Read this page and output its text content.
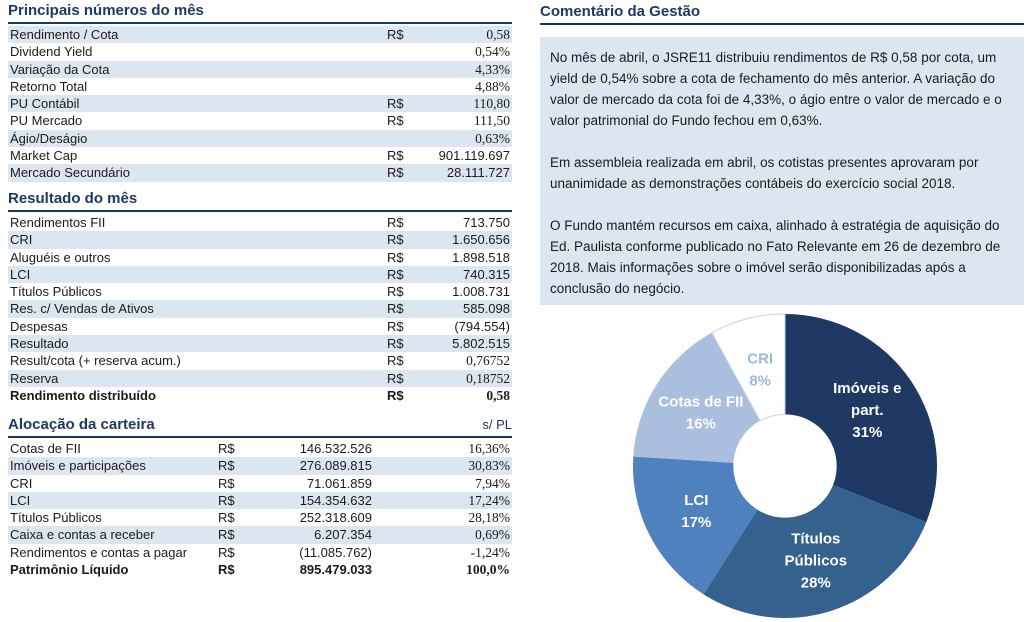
Principais números do mês
Rendimento / Cota	R$	0,58
Dividend Yield	0,54%
Variação da Cota	4,33%
Retorno Total	4,88%
PU Contábil	R$	110,80
PU Mercado	R$	111,50
Ágio/Deságio	0,63%
Market Cap	R$	901.119.697
Mercado Secundário	R$	28.111.727
Resultado do mês
Rendimentos FII	R$	713.750
CRI	R$	1.650.656
Aluguéis e outros	R$	1.898.518
LCI	R$	740.315
Títulos Públicos	R$	1.008.731
Res. c/ Vendas de Ativos	R$	585.098
Despesas	R$	(794.554)
Resultado	R$	5.802.515
Result/cota (+ reserva acum.)	R$	0,76752
Reserva	R$	0,18752
Rendimento distribuído	R$	0,58
Alocação da carteira	s/ PL
Cotas de FII	R$	146.532.526	16,36%
Imóveis e participações	R$	276.089.815	30,83%
CRI	R$	71.061.859	7,94%
LCI	R$	154.354.632	17,24%
Títulos Públicos	R$	252.318.609	28,18%
Caixa e contas a receber	R$	6.207.354	0,69%
Rendimentos e contas a pagar	R$	(11.085.762)	-1,24%
Patrimônio Líquido	R$	895.479.033	100,0%
Comentário da Gestão

No mês de abril, o JSRE11 distribuiu rendimentos de R$ 0,58 por cota, um yield de 0,54% sobre a cota de fechamento do mês anterior. A variação do valor de mercado da cota foi de 4,33%, o ágio entre o valor de mercado e o valor patrimonial do Fundo fechou em 0,63%.

Em assembleia realizada em abril, os cotistas presentes aprovaram por unanimidade as demonstrações contábeis do exercício social 2018.

O Fundo mantém recursos em caixa, alinhado à estratégia de aquisição do Ed. Paulista conforme publicado no Fato Relevante em 26 de dezembro de 2018. Mais informações sobre o imóvel serão disponibilizadas após a conclusão do negócio.

Imóveis e part. 31%
Títulos Públicos 28%
LCI 17%
Cotas de FII 16%
CRI 8%
